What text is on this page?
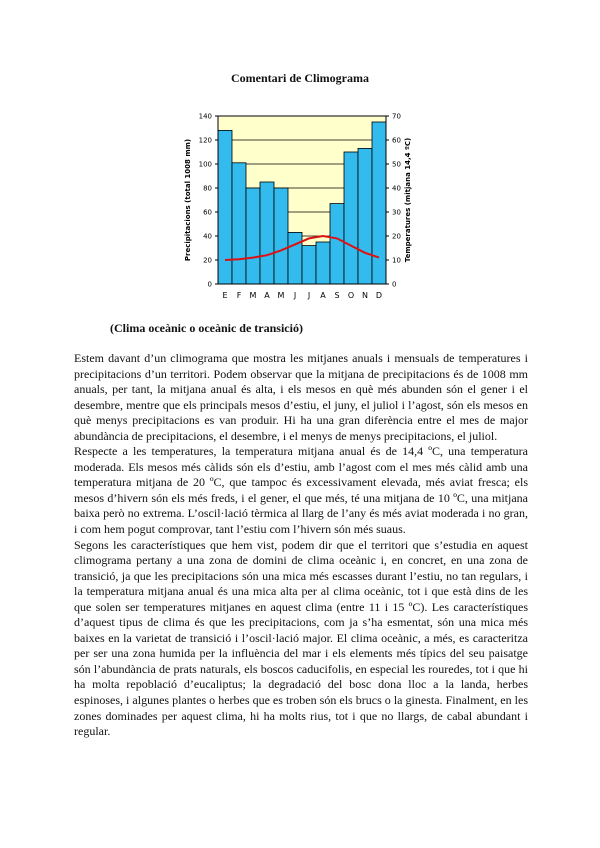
Comentari de Climograma
0
20
40
60
80
100
120
140
0
10
20
30
40
50
60
70
E F M A M J J A S O N D
Precipitacions (total 1008 mm)	Temperatures (mitjana 14,4 ºC)
(Clima oceànic o oceànic de transició)

Estem davant d’un climograma que mostra les mitjanes anuals i mensuals de temperatures i precipitacions d’un territori. Podem observar que la mitjana de precipitacions és de 1008 mm anuals, per tant, la mitjana anual és alta, i els mesos en què més abunden són el gener i el desembre, mentre que els principals mesos d’estiu, el juny, el juliol i l’agost, són els mesos en què menys precipitacions es van produir. Hi ha una gran diferència entre el mes de major abundància de precipitacions, el desembre, i el menys de menys precipitacions, el juliol.

Respecte a les temperatures, la temperatura mitjana anual és de 14,4 ºC, una temperatura moderada. Els mesos més càlids són els d’estiu, amb l’agost com el mes més càlid amb una temperatura mitjana de 20 ºC, que tampoc és excessivament elevada, més aviat fresca; els mesos d’hivern són els més freds, i el gener, el que més, té una mitjana de 10 ºC, una mitjana baixa però no extrema. L’oscil·lació tèrmica al llarg de l’any és més aviat moderada i no gran, i com hem pogut comprovar, tant l’estiu com l’hivern són més suaus.

Segons les característiques que hem vist, podem dir que el territori que s’estudia en aquest climograma pertany a una zona de domini de clima oceànic i, en concret, en una zona de transició, ja que les precipitacions són una mica més escasses durant l’estiu, no tan regulars, i la temperatura mitjana anual és una mica alta per al clima oceànic, tot i que està dins de les que solen ser temperatures mitjanes en aquest clima (entre 11 i 15 ºC). Les característiques d’aquest tipus de clima és que les precipitacions, com ja s’ha esmentat, són una mica més baixes en la varietat de transició i l’oscil·lació major. El clima oceànic, a més, es caracteritza per ser una zona humida per la influència del mar i els elements més típics del seu paisatge són l’abundància de prats naturals, els boscos caducifolis, en especial les rouredes, tot i que hi ha molta repoblació d’eucaliptus; la degradació del bosc dona lloc a la landa, herbes espinoses, i algunes plantes o herbes que es troben són els brucs o la ginesta. Finalment, en les zones dominades per aquest clima, hi ha molts rius, tot i que no llargs, de cabal abundant i regular.
